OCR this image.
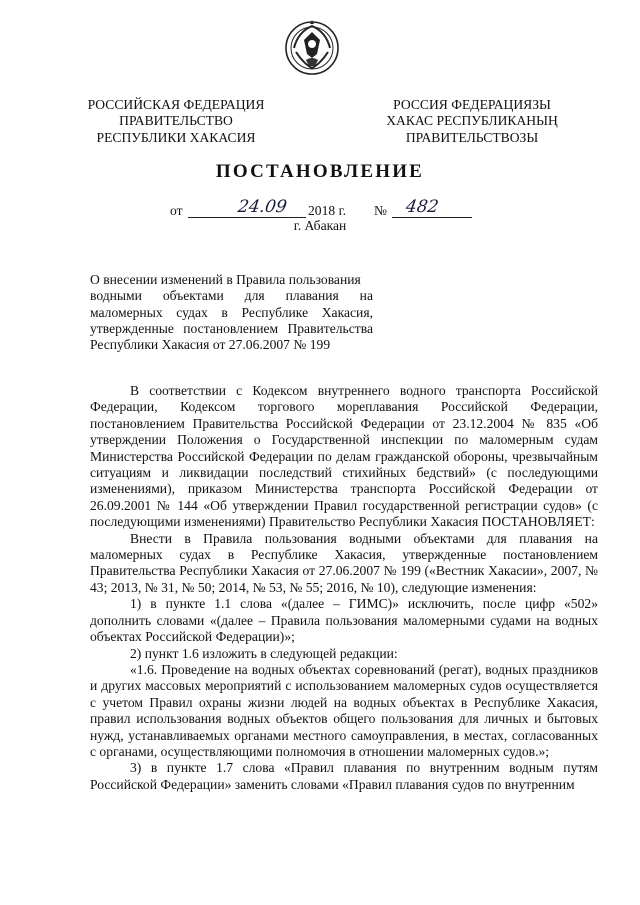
РОССИЙСКАЯ ФЕДЕРАЦИЯ
ПРАВИТЕЛЬСТВО
РЕСПУБЛИКИ ХАКАСИЯ
РОССИЯ ФЕДЕРАЦИЯЗЫ
ХАКАС РЕСПУБЛИКАНЫҢ
ПРАВИТЕЛЬСТВОЗЫ
ПОСТАНОВЛЕНИЕ
от	24.09 2018 г. № 482
г. Абакан
О внесении изменений в Правила пользования
водными объектами для плавания на
маломерных судах в Республике Хакасия,
утвержденные постановлением Правительства
Республики Хакасия от 27.06.2007 № 199

В соответствии с Кодексом внутреннего водного транспорта Российской Федерации, Кодексом торгового мореплавания Российской Федерации, постановлением Правительства Российской Федерации от 23.12.2004 № 835 «Об утверждении Положения о Государственной инспекции по маломерным судам Министерства Российской Федерации по делам гражданской обороны, чрезвычайным ситуациям и ликвидации последствий стихийных бедствий» (с последующими изменениями), приказом Министерства транспорта Российской Федерации от 26.09.2001 № 144 «Об утверждении Правил государственной регистрации судов» (с последующими изменениями) Правительство Республики Хакасия ПОСТАНОВЛЯЕТ:

Внести в Правила пользования водными объектами для плавания на маломерных судах в Республике Хакасия, утвержденные постановлением Правительства Республики Хакасия от 27.06.2007 № 199 («Вестник Хакасии», 2007, № 43; 2013, № 31, № 50; 2014, № 53, № 55; 2016, № 10), следующие изменения:

1) в пункте 1.1 слова «(далее – ГИМС)» исключить, после цифр «502» дополнить словами «(далее – Правила пользования маломерными судами на водных объектах Российской Федерации)»;

2) пункт 1.6 изложить в следующей редакции:

«1.6. Проведение на водных объектах соревнований (регат), водных праздников и других массовых мероприятий с использованием маломерных судов осуществляется с учетом Правил охраны жизни людей на водных объектах в Республике Хакасия, правил использования водных объектов общего пользования для личных и бытовых нужд, устанавливаемых органами местного самоуправления, в местах, согласованных с органами, осуществляющими полномочия в отношении маломерных судов.»;

3) в пункте 1.7 слова «Правил плавания по внутренним водным путям Российской Федерации» заменить словами «Правил плавания судов по внутренним
